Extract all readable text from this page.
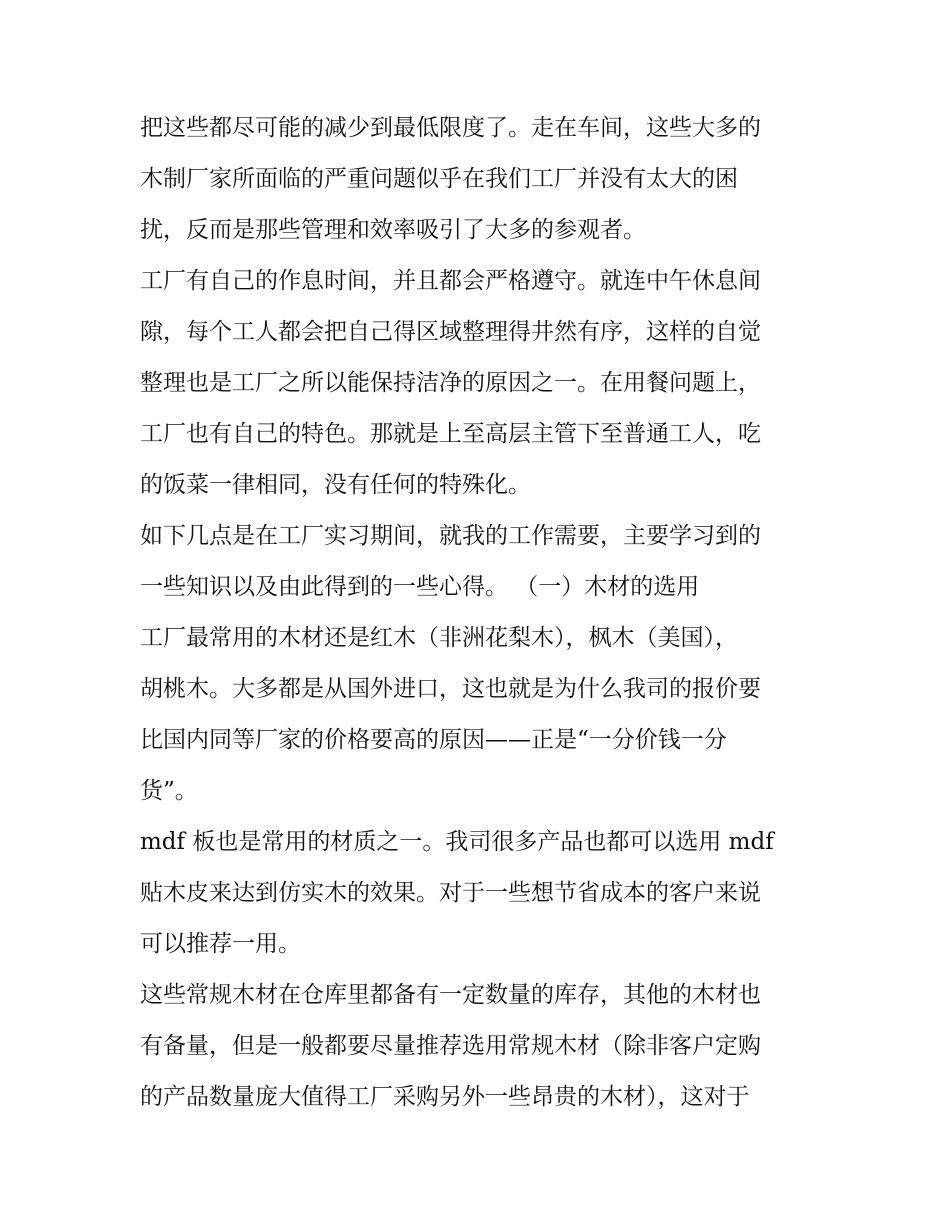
把这些都尽可能的减少到最低限度了。走在车间，这些大多的
木制厂家所面临的严重问题似乎在我们工厂并没有太大的困
扰，反而是那些管理和效率吸引了大多的参观者。
工厂有自己的作息时间，并且都会严格遵守。就连中午休息间
隙，每个工人都会把自己得区域整理得井然有序，这样的自觉
整理也是工厂之所以能保持洁净的原因之一。在用餐问题上，
工厂也有自己的特色。那就是上至高层主管下至普通工人，吃
的饭菜一律相同，没有任何的特殊化。
如下几点是在工厂实习期间，就我的工作需要，主要学习到的
一些知识以及由此得到的一些心得。 （一）木材的选用
工厂最常用的木材还是红木（非洲花梨木），枫木（美国），
胡桃木。大多都是从国外进口，这也就是为什么我司的报价要
比国内同等厂家的价格要高的原因——正是“一分价钱一分
货”。
mdf 板也是常用的材质之一。我司很多产品也都可以选用 mdf
贴木皮来达到仿实木的效果。对于一些想节省成本的客户来说
可以推荐一用。
这些常规木材在仓库里都备有一定数量的库存，其他的木材也
有备量，但是一般都要尽量推荐选用常规木材（除非客户定购
的产品数量庞大值得工厂采购另外一些昂贵的木材），这对于
